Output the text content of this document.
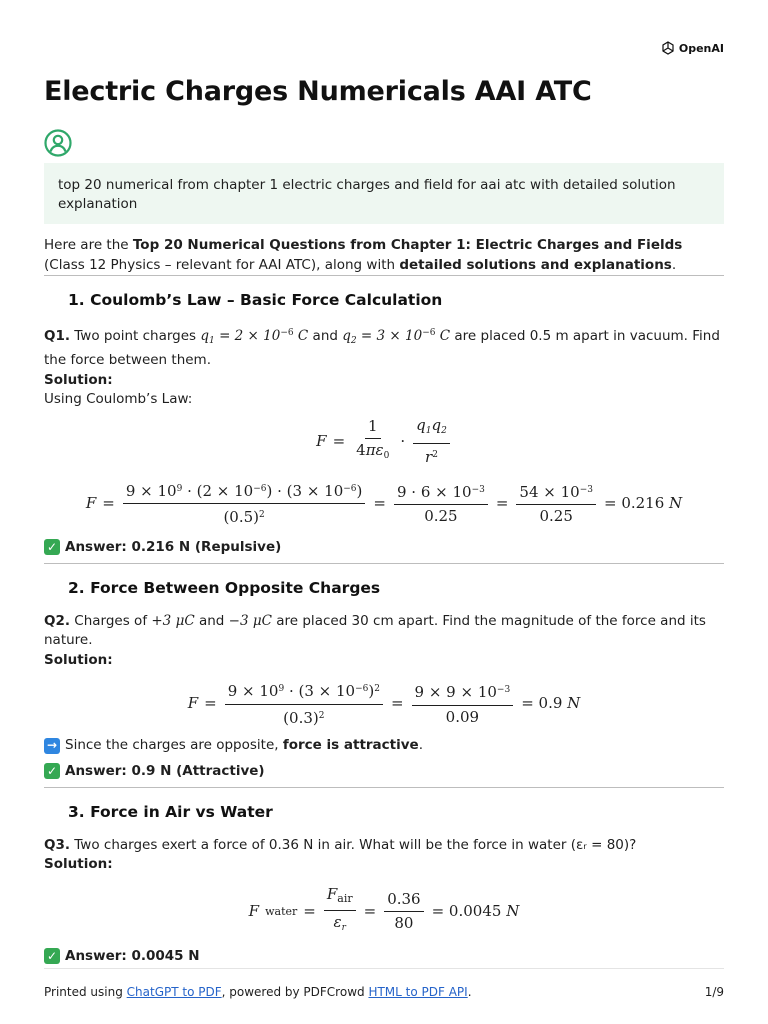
OpenAI
Electric Charges Numericals AAI ATC
top 20 numerical from chapter 1 electric charges and field for aai atc with detailed solution explanation

Here are the Top 20 Numerical Questions from Chapter 1: Electric Charges and Fields (Class 12 Physics – relevant for AAI ATC), along with detailed solutions and explanations.

1. Coulomb’s Law – Basic Force Calculation

Q1. Two point charges $q_1 = 2 \times 10^{-6}$ C and $q_2 = 3 \times 10^{-6}$ C are placed 0.5 m apart in vacuum. Find the force between them.

Solution:

Using Coulomb’s Law:

$F = \frac{1}{4\pi\varepsilon_0} \cdot \frac{q_1q_2}{r^2}$
$F = \frac{9 \times 10^9 \cdot (2 \times 10^{-6}) \cdot (3 \times 10^{-6})}{(0.5)^2} = \frac{9 \cdot 6 \times 10^{-3}}{0.25} = \frac{54 \times 10^{-3}}{0.25} = 0.216$ N
✓ Answer: 0.216 N (Repulsive)
2. Force Between Opposite Charges

Q2. Charges of +3 μC and −3 μC are placed 30 cm apart. Find the magnitude of the force and its nature.

Solution:

$F = \frac{9 \times 10^9 \cdot (3 \times 10^{-6})^2}{(0.3)^2} = \frac{9 \times 9 \times 10^{-3}}{0.09} = 0.9$ N
→ Since the charges are opposite, force is attractive.
✓ Answer: 0.9 N (Attractive)
3. Force in Air vs Water

Q3. Two charges exert a force of 0.36 N in air. What will be the force in water (εᵣ = 80)?

Solution:

F water = $\frac{F_{air}}{\varepsilon_r} = \frac{0.36}{80} = 0.0045$ N
✓ Answer: 0.0045 N
Printed using ChatGPT to PDF, powered by PDFCrowd HTML to PDF API.	1/9
